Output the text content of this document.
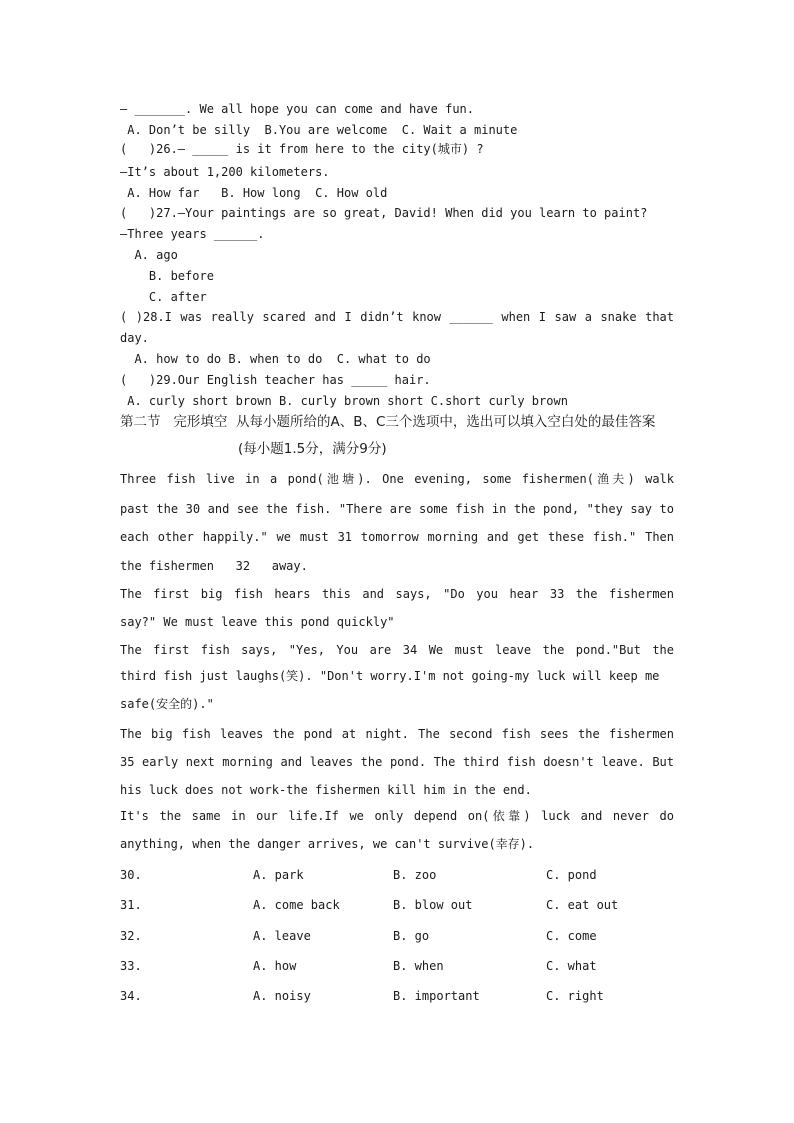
— _______. We all hope you can come and have fun.
A. Don’t be silly  B.You are welcome  C. Wait a minute
(   )26.— _____ is it from here to the city(城市) ?
—It’s about 1,200 kilometers.
A. How far   B. How long  C. How old
(   )27.—Your paintings are so great, David! When did you learn to paint?
—Three years ______.
A. ago
B. before
C. after
( )28.I was really scared and I didn’t know ______ when I saw a snake that
day.
A. how to do B. when to do  C. what to do
(   )29.Our English teacher has _____ hair.
A. curly short brown B. curly brown short C.short curly brown
第二节   完形填空  从每小题所给的A、B、C三个选项中，选出可以填入空白处的最佳答案
(每小题1.5分，满分9分)
Three fish live in a pond(池塘). One evening, some fishermen(渔夫) walk
past the 30 and see the fish. "There are some fish in the pond, "they say to
each other happily." we must 31 tomorrow morning and get these fish." Then
the fishermen   32   away.
The first big fish hears this and says, "Do you hear 33 the fishermen
say?" We must leave this pond quickly"
The first fish says, "Yes, You are 34 We must leave the pond."But the
third fish just laughs(笑). "Don't worry.I'm not going-my luck will keep me
safe(安全的)."
The big fish leaves the pond at night. The second fish sees the fishermen
35 early next morning and leaves the pond. The third fish doesn't leave. But
his luck does not work-the fishermen kill him in the end.
It's the same in our life.If we only depend on(依靠) luck and never do
anything, when the danger arrives, we can't survive(幸存).
30.	A. park	B. zoo	C. pond
31.	A. come back	B. blow out	C. eat out
32.	A. leave	B. go	C. come
33.	A. how	B. when	C. what
34.	A. noisy	B. important	C. right
